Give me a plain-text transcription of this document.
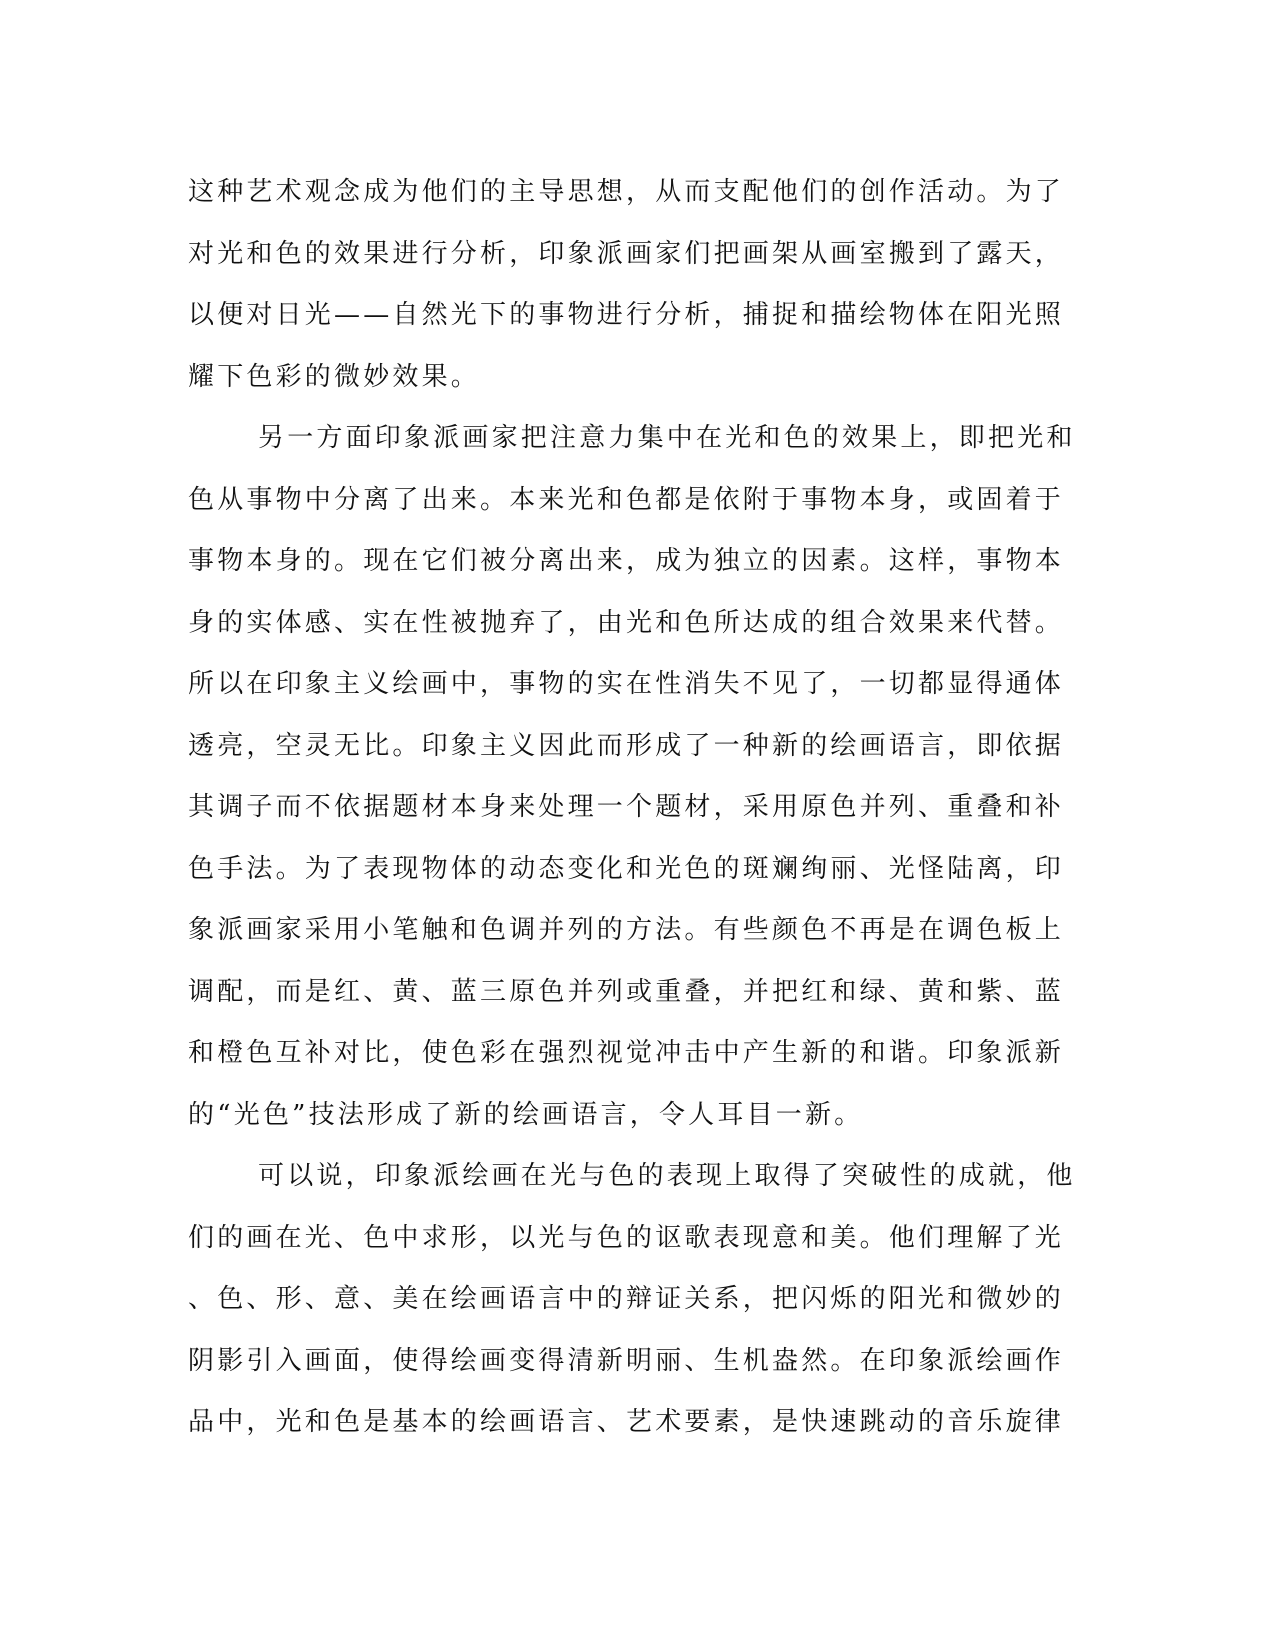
这种艺术观念成为他们的主导思想，从而支配他们的创作活动。为了
对光和色的效果进行分析，印象派画家们把画架从画室搬到了露天，
以便对日光——自然光下的事物进行分析，捕捉和描绘物体在阳光照
耀下色彩的微妙效果。
另一方面印象派画家把注意力集中在光和色的效果上，即把光和
色从事物中分离了出来。本来光和色都是依附于事物本身，或固着于
事物本身的。现在它们被分离出来，成为独立的因素。这样，事物本
身的实体感、实在性被抛弃了，由光和色所达成的组合效果来代替。
所以在印象主义绘画中，事物的实在性消失不见了，一切都显得通体
透亮，空灵无比。印象主义因此而形成了一种新的绘画语言，即依据
其调子而不依据题材本身来处理一个题材，采用原色并列、重叠和补
色手法。为了表现物体的动态变化和光色的斑斓绚丽、光怪陆离，印
象派画家采用小笔触和色调并列的方法。有些颜色不再是在调色板上
调配，而是红、黄、蓝三原色并列或重叠，并把红和绿、黄和紫、蓝
和橙色互补对比，使色彩在强烈视觉冲击中产生新的和谐。印象派新
的“光色”技法形成了新的绘画语言，令人耳目一新。
可以说，印象派绘画在光与色的表现上取得了突破性的成就，他
们的画在光、色中求形，以光与色的讴歌表现意和美。他们理解了光
、色、形、意、美在绘画语言中的辩证关系，把闪烁的阳光和微妙的
阴影引入画面，使得绘画变得清新明丽、生机盎然。在印象派绘画作
品中，光和色是基本的绘画语言、艺术要素，是快速跳动的音乐旋律
